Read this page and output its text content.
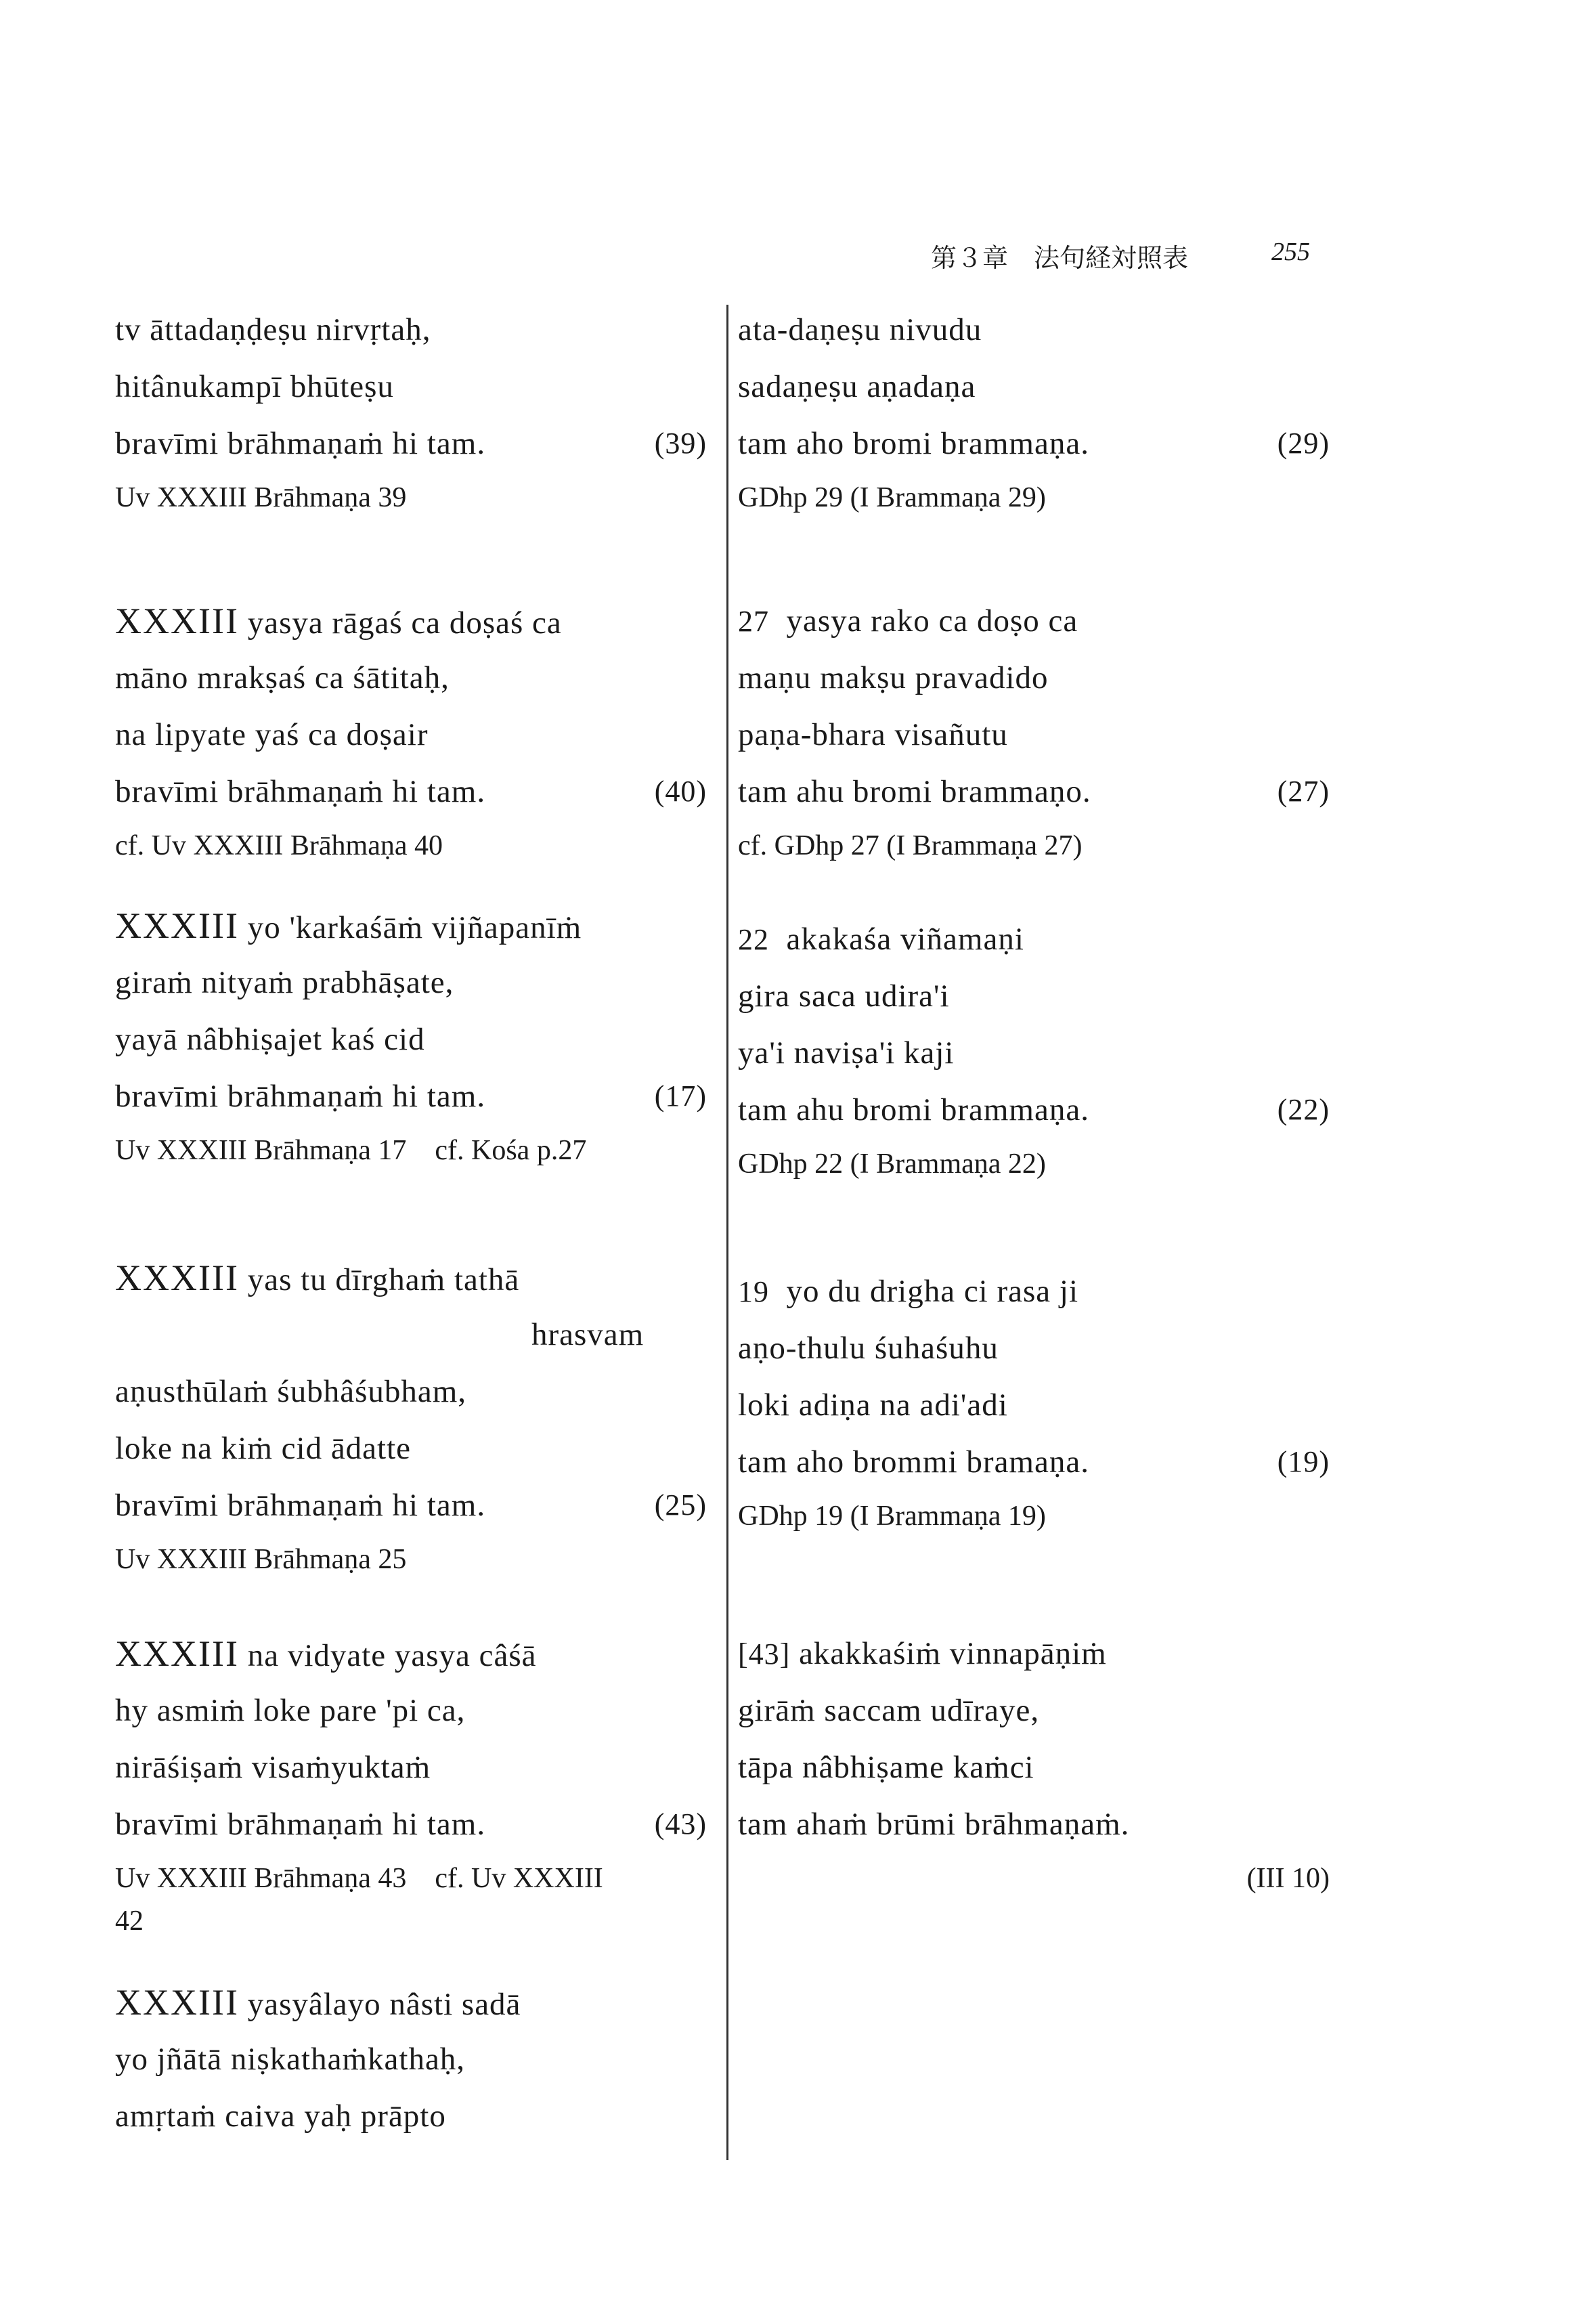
第３章　法句経対照表	255
tv āttadaṇḍeṣu nirvṛtaḥ,
hitânukampī bhūteṣu
bravīmi brāhmaṇaṁ hi tam.	(39)
Uv XXXIII Brāhmaṇa 39
XXXIII yasya rāgaś ca doṣaś ca
māno mrakṣaś ca śātitaḥ,
na lipyate yaś ca doṣair
bravīmi brāhmaṇaṁ hi tam.	(40)
cf. Uv XXXIII Brāhmaṇa 40
XXXIII yo 'karkaśāṁ vijñapanīṁ
giraṁ nityaṁ prabhāṣate,
yayā nâbhiṣajet kaś cid
bravīmi brāhmaṇaṁ hi tam.	(17)
Uv XXXIII Brāhmaṇa 17　cf. Kośa p.27
XXXIII yas tu dīrghaṁ tathā
hrasvam
aṇusthūlaṁ śubhâśubham,
loke na kiṁ cid ādatte
bravīmi brāhmaṇaṁ hi tam.	(25)
Uv XXXIII Brāhmaṇa 25
XXXIII na vidyate yasya câśā
hy asmiṁ loke pare 'pi ca,
nirāśiṣaṁ visaṁyuktaṁ
bravīmi brāhmaṇaṁ hi tam.	(43)
Uv XXXIII Brāhmaṇa 43　cf. Uv XXXIII
42
XXXIII yasyâlayo nâsti sadā
yo jñātā niṣkathaṁkathaḥ,
amṛtaṁ caiva yaḥ prāpto
ata-daṇeṣu nivudu
sadaṇeṣu aṇadaṇa
tam aho bromi brammaṇa.	(29)
GDhp 29 (I Brammaṇa 29)
27  yasya rako ca doṣo ca
maṇu makṣu pravadido
paṇa-bhara visañutu
tam ahu bromi brammaṇo.	(27)
cf. GDhp 27 (I Brammaṇa 27)
22  akakaśa viñamaṇi
gira saca udira'i
ya'i naviṣa'i kaji
tam ahu bromi brammaṇa.	(22)
GDhp 22 (I Brammaṇa 22)
19  yo du drigha ci rasa ji
aṇo-thulu śuhaśuhu
loki adiṇa na adi'adi
tam aho brommi bramaṇa.	(19)
GDhp 19 (I Brammaṇa 19)
[43] akakkaśiṁ vinnapāṇiṁ
girāṁ saccam udīraye,
tāpa nâbhiṣame kaṁci
tam ahaṁ brūmi brāhmaṇaṁ.
(III 10)
